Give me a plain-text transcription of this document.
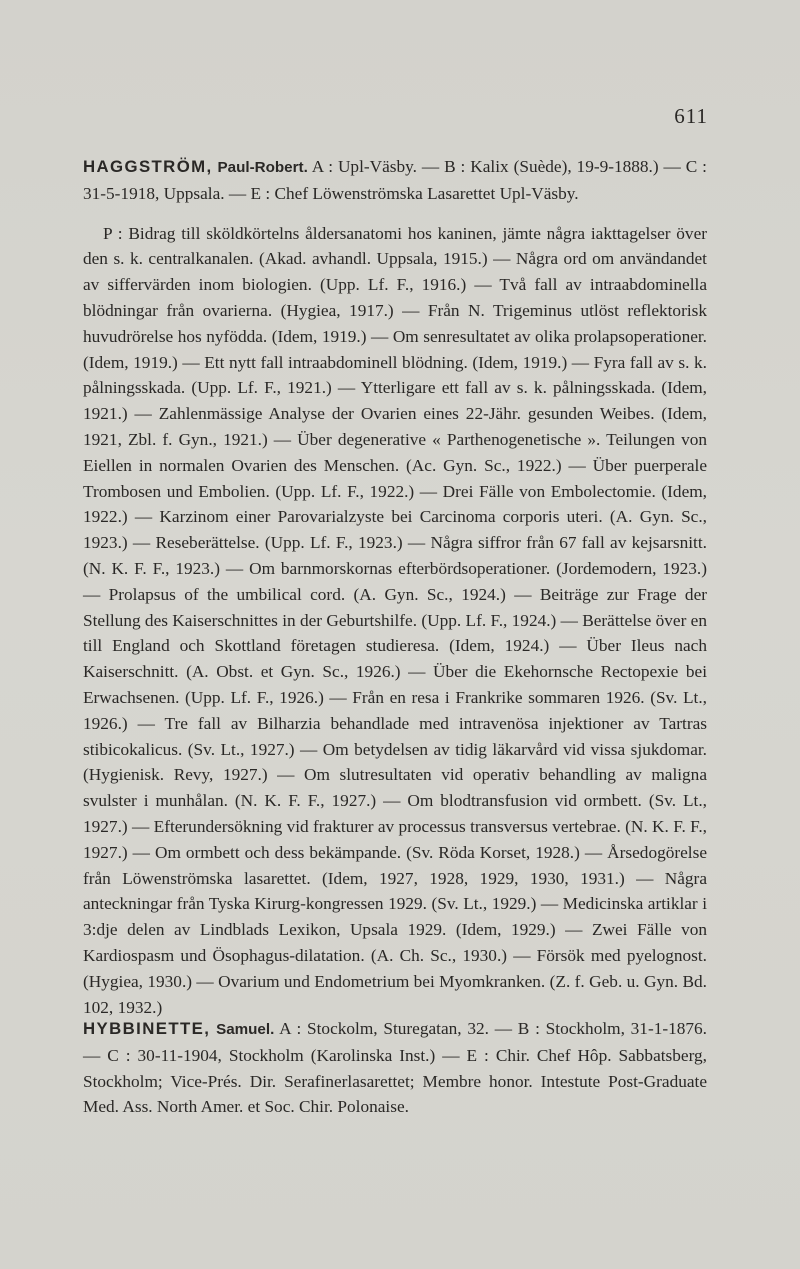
611

HAGGSTRÖM, Paul-Robert. A : Upl-Väsby. — B : Kalix (Suède), 19-9-1888.) — C : 31-5-1918, Uppsala. — E : Chef Löwenströmska Lasarettet Upl-Väsby.

P : Bidrag till sköldkörtelns åldersanatomi hos kaninen, jämte några iakttagelser över den s. k. centralkanalen. (Akad. avhandl. Uppsala, 1915.) — Några ord om användandet av siffervärden inom biologien. (Upp. Lf. F., 1916.) — Två fall av intraabdominella blödningar från ovarierna. (Hygiea, 1917.) — Från N. Trigeminus utlöst reflektorisk huvudrörelse hos nyfödda. (Idem, 1919.) — Om senresultatet av olika prolapsoperationer. (Idem, 1919.) — Ett nytt fall intraabdominell blödning. (Idem, 1919.) — Fyra fall av s. k. pålningsskada. (Upp. Lf. F., 1921.) — Ytterligare ett fall av s. k. pålningsskada. (Idem, 1921.) — Zahlenmässige Analyse der Ovarien eines 22-Jähr. gesunden Weibes. (Idem, 1921, Zbl. f. Gyn., 1921.) — Über degenerative « Parthenogenetische ». Teilungen von Eiellen in normalen Ovarien des Menschen. (Ac. Gyn. Sc., 1922.) — Über puerperale Trombosen und Embolien. (Upp. Lf. F., 1922.) — Drei Fälle von Embolectomie. (Idem, 1922.) — Karzinom einer Parovarialzyste bei Carcinoma corporis uteri. (A. Gyn. Sc., 1923.) — Reseberättelse. (Upp. Lf. F., 1923.) — Några siffror från 67 fall av kejsarsnitt. (N. K. F. F., 1923.) — Om barnmorskornas efterbördsoperationer. (Jordemodern, 1923.) — Prolapsus of the umbilical cord. (A. Gyn. Sc., 1924.) — Beiträge zur Frage der Stellung des Kaiserschnittes in der Geburtshilfe. (Upp. Lf. F., 1924.) — Berättelse över en till England och Skottland företagen studieresa. (Idem, 1924.) — Über Ileus nach Kaiserschnitt. (A. Obst. et Gyn. Sc., 1926.) — Über die Ekehornsche Rectopexie bei Erwachsenen. (Upp. Lf. F., 1926.) — Från en resa i Frankrike sommaren 1926. (Sv. Lt., 1926.) — Tre fall av Bilharzia behandlade med intravenösa injektioner av Tartras stibicokalicus. (Sv. Lt., 1927.) — Om betydelsen av tidig läkarvård vid vissa sjukdomar. (Hygienisk. Revy, 1927.) — Om slutresultaten vid operativ behandling av maligna svulster i munhålan. (N. K. F. F., 1927.) — Om blodtransfusion vid ormbett. (Sv. Lt., 1927.) — Efterundersökning vid frakturer av processus transversus vertebrae. (N. K. F. F., 1927.) — Om ormbett och dess bekämpande. (Sv. Röda Korset, 1928.) — Årsedogörelse från Löwenströmska lasarettet. (Idem, 1927, 1928, 1929, 1930, 1931.) — Några anteckningar från Tyska Kirurg-kongressen 1929. (Sv. Lt., 1929.) — Medicinska artiklar i 3:dje delen av Lindblads Lexikon, Upsala 1929. (Idem, 1929.) — Zwei Fälle von Kardiospasm und Ösophagus-dilatation. (A. Ch. Sc., 1930.) — Försök med pyelognost. (Hygiea, 1930.) — Ovarium und Endometrium bei Myomkranken. (Z. f. Geb. u. Gyn. Bd. 102, 1932.)

HYBBINETTE, Samuel. A : Stockolm, Sturegatan, 32. — B : Stockholm, 31-1-1876. — C : 30-11-1904, Stockholm (Karolinska Inst.) — E : Chir. Chef Hôp. Sabbatsberg, Stockholm; Vice-Prés. Dir. Serafinerlasarettet; Membre honor. Intestute Post-Graduate Med. Ass. North Amer. et Soc. Chir. Polonaise.
